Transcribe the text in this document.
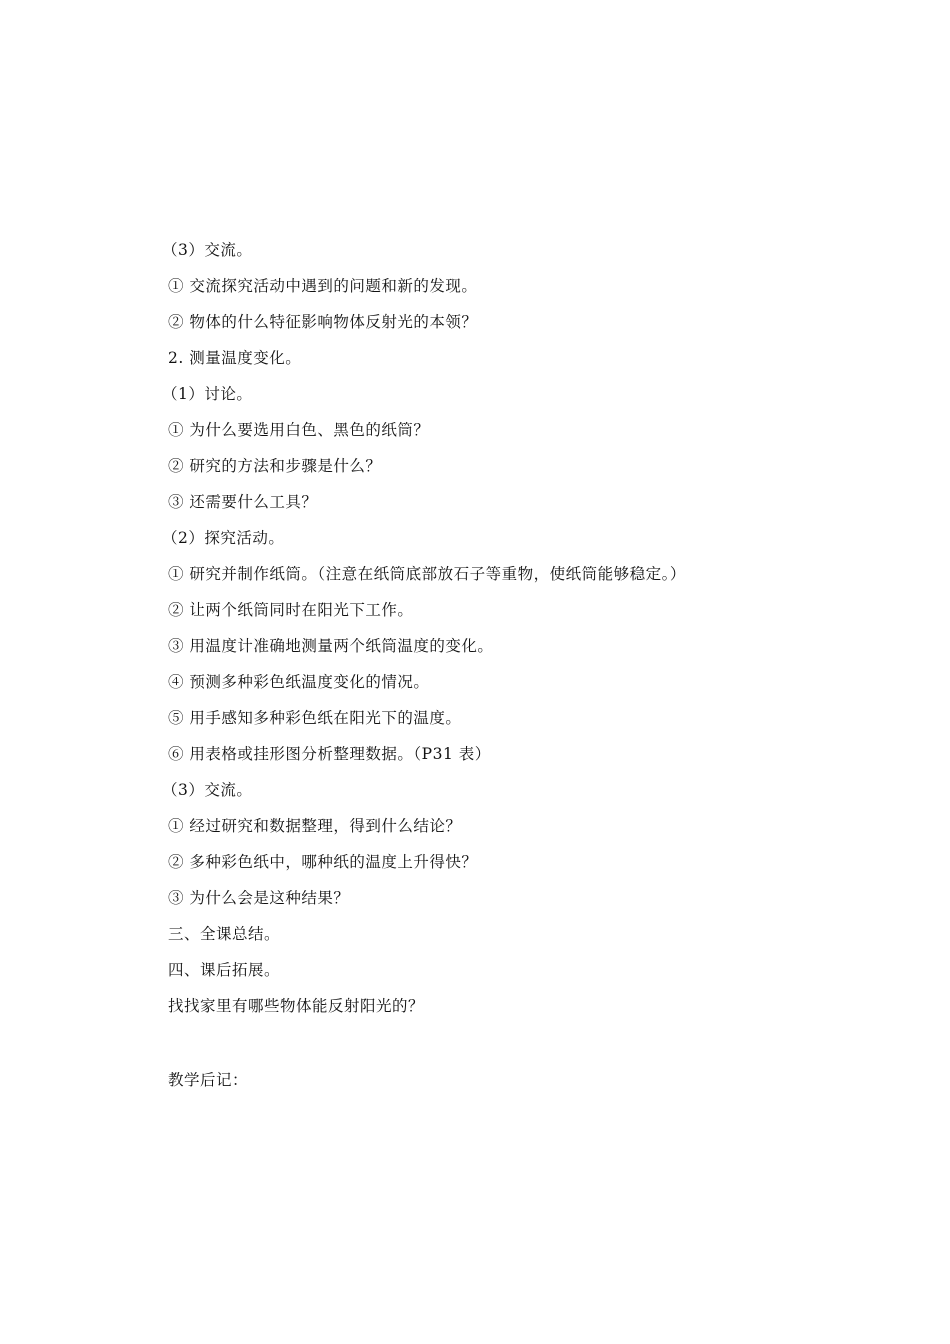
（3）交流。
① 交流探究活动中遇到的问题和新的发现。
② 物体的什么特征影响物体反射光的本领？
2. 测量温度变化。
（1）讨论。
① 为什么要选用白色、黑色的纸筒？
② 研究的方法和步骤是什么？
③ 还需要什么工具？
（2）探究活动。
① 研究并制作纸筒。（注意在纸筒底部放石子等重物，使纸筒能够稳定。）
② 让两个纸筒同时在阳光下工作。
③ 用温度计准确地测量两个纸筒温度的变化。
④ 预测多种彩色纸温度变化的情况。
⑤ 用手感知多种彩色纸在阳光下的温度。
⑥ 用表格或挂形图分析整理数据。（P31 表）
（3）交流。
① 经过研究和数据整理，得到什么结论？
② 多种彩色纸中，哪种纸的温度上升得快？
③ 为什么会是这种结果？
三、全课总结。
四、课后拓展。
找找家里有哪些物体能反射阳光的？
教学后记：
